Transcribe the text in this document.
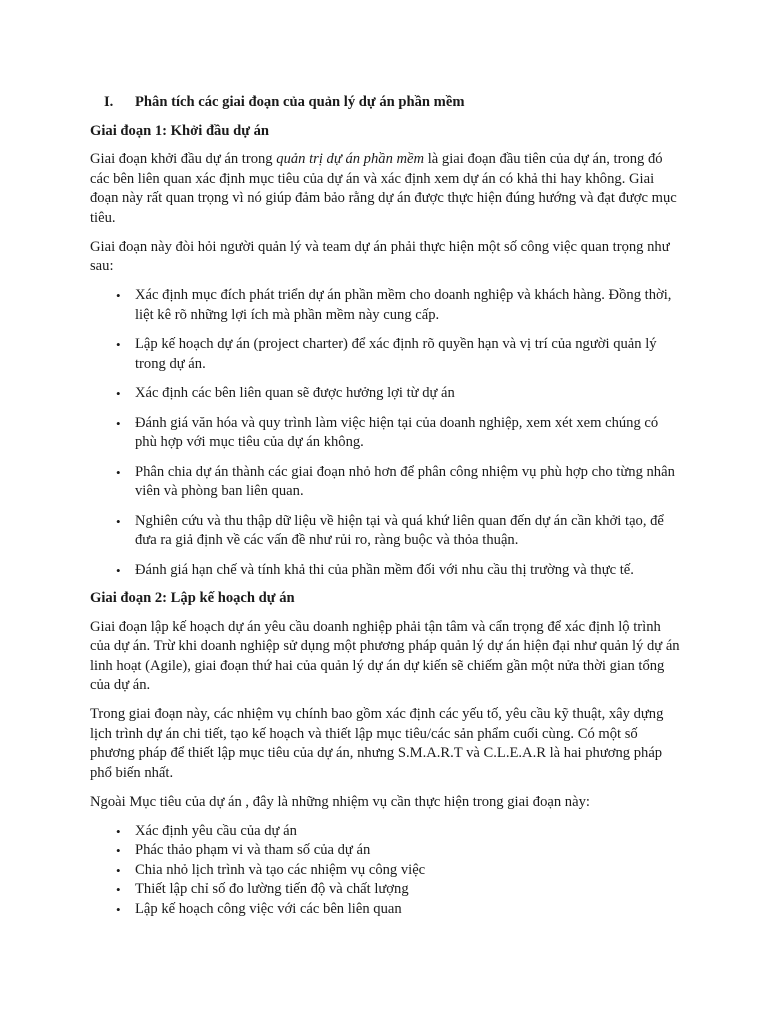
I.	Phân tích các giai đoạn của quản lý dự án phần mềm
Giai đoạn 1: Khởi đầu dự án

Giai đoạn khởi đầu dự án trong quản trị dự án phần mềm là giai đoạn đầu tiên của dự án, trong đó các bên liên quan xác định mục tiêu của dự án và xác định xem dự án có khả thi hay không. Giai đoạn này rất quan trọng vì nó giúp đảm bảo rằng dự án được thực hiện đúng hướng và đạt được mục tiêu.

Giai đoạn này đòi hỏi người quản lý và team dự án phải thực hiện một số công việc quan trọng như sau:

• Xác định mục đích phát triển dự án phần mềm cho doanh nghiệp và khách hàng. Đồng thời, liệt kê rõ những lợi ích mà phần mềm này cung cấp.
• Lập kế hoạch dự án (project charter) để xác định rõ quyền hạn và vị trí của người quản lý trong dự án.
• Xác định các bên liên quan sẽ được hưởng lợi từ dự án
• Đánh giá văn hóa và quy trình làm việc hiện tại của doanh nghiệp, xem xét xem chúng có phù hợp với mục tiêu của dự án không.
• Phân chia dự án thành các giai đoạn nhỏ hơn để phân công nhiệm vụ phù hợp cho từng nhân viên và phòng ban liên quan.
• Nghiên cứu và thu thập dữ liệu về hiện tại và quá khứ liên quan đến dự án cần khởi tạo, để đưa ra giả định về các vấn đề như rủi ro, ràng buộc và thỏa thuận.
• Đánh giá hạn chế và tính khả thi của phần mềm đối với nhu cầu thị trường và thực tế.
Giai đoạn 2: Lập kế hoạch dự án

Giai đoạn lập kế hoạch dự án yêu cầu doanh nghiệp phải tận tâm và cẩn trọng để xác định lộ trình của dự án. Trừ khi doanh nghiệp sử dụng một phương pháp quản lý dự án hiện đại như quản lý dự án linh hoạt (Agile), giai đoạn thứ hai của quản lý dự án dự kiến sẽ chiếm gần một nửa thời gian tổng của dự án.

Trong giai đoạn này, các nhiệm vụ chính bao gồm xác định các yếu tố, yêu cầu kỹ thuật, xây dựng lịch trình dự án chi tiết, tạo kế hoạch và thiết lập mục tiêu/các sản phẩm cuối cùng. Có một số phương pháp để thiết lập mục tiêu của dự án, nhưng S.M.A.R.T và C.L.E.A.R là hai phương pháp phổ biến nhất.

Ngoài Mục tiêu của dự án , đây là những nhiệm vụ cần thực hiện trong giai đoạn này:

• Xác định yêu cầu của dự án
• Phác thảo phạm vi và tham số của dự án
• Chia nhỏ lịch trình và tạo các nhiệm vụ công việc
• Thiết lập chỉ số đo lường tiến độ và chất lượng
• Lập kế hoạch công việc với các bên liên quan
